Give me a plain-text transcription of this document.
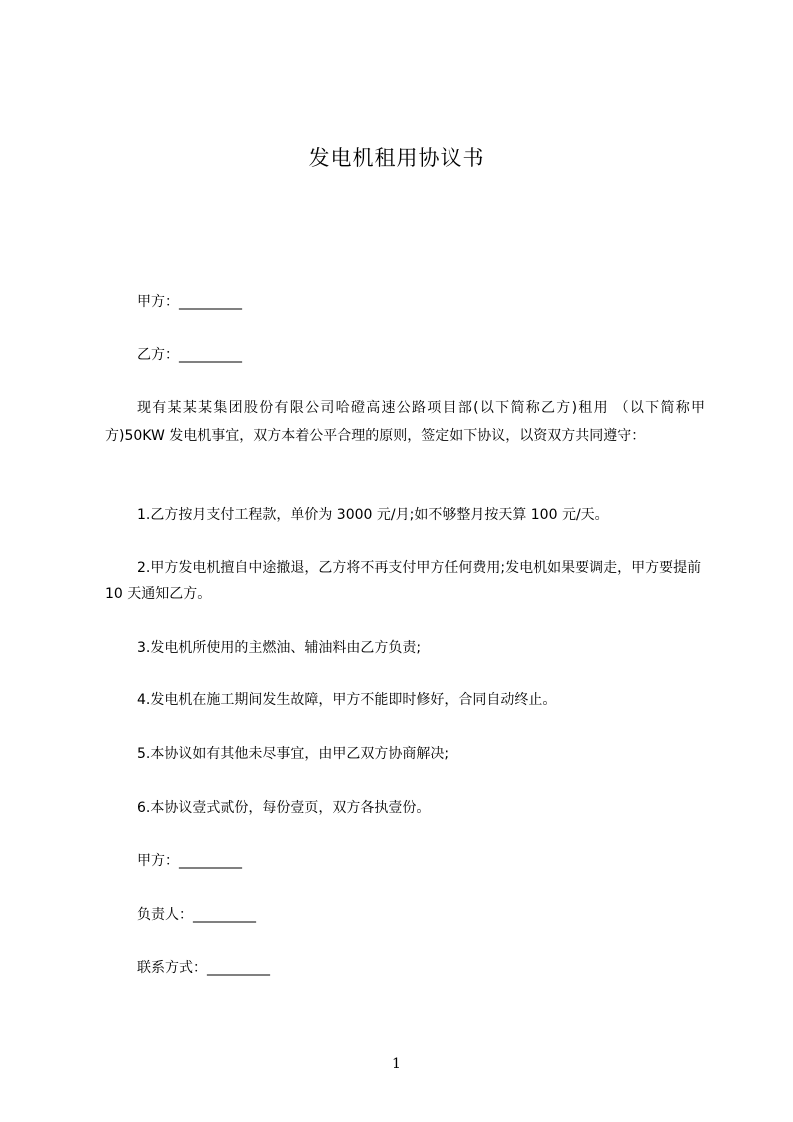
发电机租用协议书
甲方：_________
乙方：_________
现有某某某集团股份有限公司哈磴高速公路项目部(以下简称乙方)租用 （以下简称甲方)50KW 发电机事宜，双方本着公平合理的原则，签定如下协议，以资双方共同遵守：
1.乙方按月支付工程款，单价为 3000 元/月;如不够整月按天算 100 元/天。
2.甲方发电机擅自中途撤退，乙方将不再支付甲方任何费用;发电机如果要调走，甲方要提前 10 天通知乙方。
3.发电机所使用的主燃油、辅油料由乙方负责;
4.发电机在施工期间发生故障，甲方不能即时修好，合同自动终止。
5.本协议如有其他未尽事宜，由甲乙双方协商解决;
6.本协议壹式贰份，每份壹页，双方各执壹份。
甲方：_________
负责人：_________
联系方式：_________
1
